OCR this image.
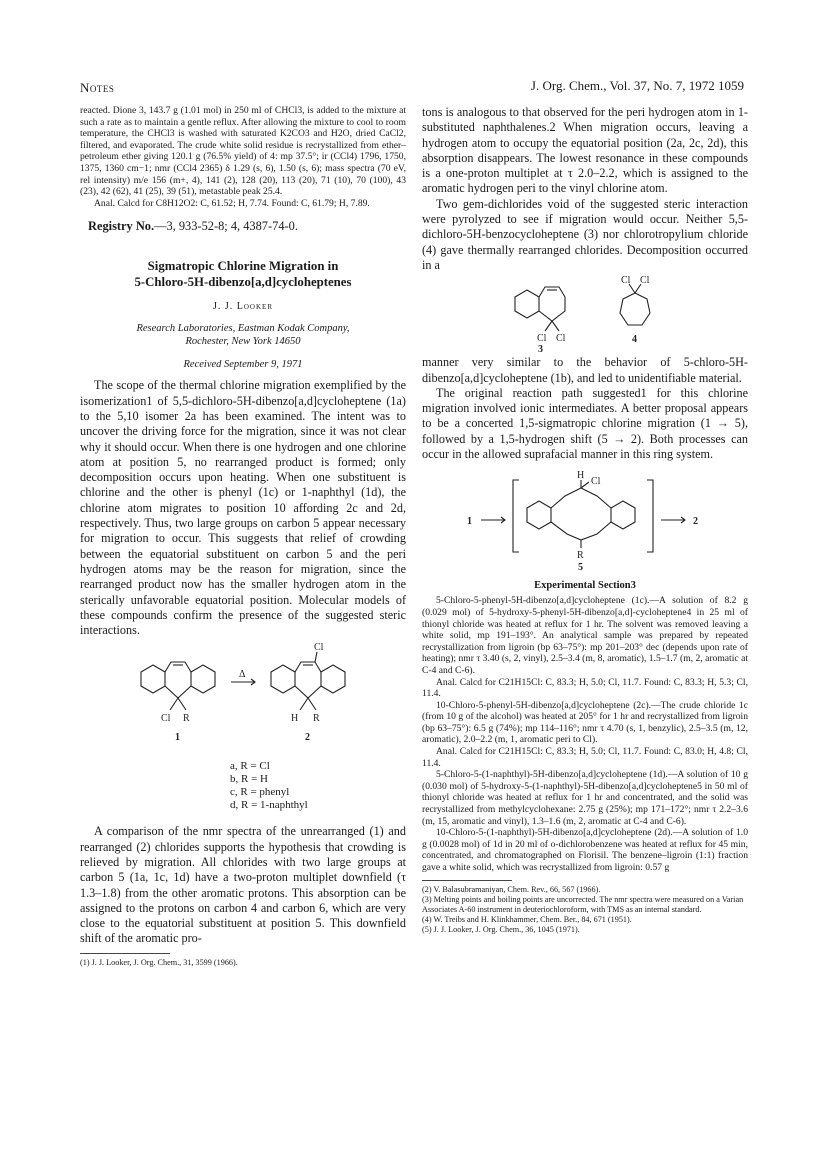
Notes	J. Org. Chem., Vol. 37, No. 7, 1972 1059

reacted. Dione 3, 143.7 g (1.01 mol) in 250 ml of CHCl3, is added to the mixture at such a rate as to maintain a gentle reflux. After allowing the mixture to cool to room temperature, the CHCl3 is washed with saturated K2CO3 and H2O, dried CaCl2, filtered, and evaporated. The crude white solid residue is recrystallized from ether–petroleum ether giving 120.1 g (76.5% yield) of 4: mp 37.5°; ir (CCl4) 1796, 1750, 1375, 1360 cm−1; nmr (CCl4 2365) δ 1.29 (s, 6), 1.50 (s, 6); mass spectra (70 eV, rel intensity) m/e 156 (m+, 4), 141 (2), 128 (20), 113 (20), 71 (10), 70 (100), 43 (23), 42 (62), 41 (25), 39 (51), metastable peak 25.4.

Anal. Calcd for C8H12O2: C, 61.52; H, 7.74. Found: C, 61.79; H, 7.89.

Registry No.—3, 933-52-8; 4, 4387-74-0.

Sigmatropic Chlorine Migration in
5-Chloro-5H-dibenzo[a,d]cycloheptenes
J. J. Looker
Research Laboratories, Eastman Kodak Company,
Rochester, New York 14650
Received September 9, 1971

The scope of the thermal chlorine migration exemplified by the isomerization1 of 5,5-dichloro-5H-dibenzo[a,d]cycloheptene (1a) to the 5,10 isomer 2a has been examined. The intent was to uncover the driving force for the migration, since it was not clear why it should occur. When there is one hydrogen and one chlorine atom at position 5, no rearranged product is formed; only decomposition occurs upon heating. When one substituent is chlorine and the other is phenyl (1c) or 1-naphthyl (1d), the chlorine atom migrates to position 10 affording 2c and 2d, respectively. Thus, two large groups on carbon 5 appear necessary for migration to occur. This suggests that relief of crowding between the equatorial substituent on carbon 5 and the peri hydrogen atoms may be the reason for migration, since the rearranged product now has the smaller hydrogen atom in the sterically unfavorable equatorial position. Molecular models of these compounds confirm the presence of the suggested steric interactions.

Δ
Cl R	H R
Cl
1	2
a, R = Cl
b, R = H
c, R = phenyl
d, R = 1-naphthyl

A comparison of the nmr spectra of the unrearranged (1) and rearranged (2) chlorides supports the hypothesis that crowding is relieved by migration. All chlorides with two large groups at carbon 5 (1a, 1c, 1d) have a two-proton multiplet downfield (τ 1.3–1.8) from the other aromatic protons. This absorption can be assigned to the protons on carbon 4 and carbon 6, which are very close to the equatorial substituent at position 5. This downfield shift of the aromatic pro-

(1) J. J. Looker, J. Org. Chem., 31, 3599 (1966).

tons is analogous to that observed for the peri hydrogen atom in 1-substituted naphthalenes.2 When migration occurs, leaving a hydrogen atom to occupy the equatorial position (2a, 2c, 2d), this absorption disappears. The lowest resonance in these compounds is a one-proton multiplet at τ 2.0–2.2, which is assigned to the aromatic hydrogen peri to the vinyl chlorine atom.

Two gem-dichlorides void of the suggested steric interaction were pyrolyzed to see if migration would occur. Neither 5,5-dichloro-5H-benzocycloheptene (3) nor chlorotropylium chloride (4) gave thermally rearranged chlorides. Decomposition occurred in a

Cl Cl
Cl Cl
3
4

manner very similar to the behavior of 5-chloro-5H-dibenzo[a,d]cycloheptene (1b), and led to unidentifiable material.

The original reaction path suggested1 for this chlorine migration involved ionic intermediates. A better proposal appears to be a concerted 1,5-sigmatropic chlorine migration (1 → 5), followed by a 1,5-hydrogen shift (5 → 2). Both processes can occur in the allowed suprafacial manner in this ring system.

1	2
H
Cl
R
5
Experimental Section3

5-Chloro-5-phenyl-5H-dibenzo[a,d]cycloheptene (1c).—A solution of 8.2 g (0.029 mol) of 5-hydroxy-5-phenyl-5H-dibenzo[a,d]-cycloheptene4 in 25 ml of thionyl chloride was heated at reflux for 1 hr. The solvent was removed leaving a white solid, mp 191–193°. An analytical sample was prepared by repeated recrystallization from ligroin (bp 63–75°): mp 201–203° dec (depends upon rate of heating); nmr τ 3.40 (s, 2, vinyl), 2.5–3.4 (m, 8, aromatic), 1.5–1.7 (m, 2, aromatic at C-4 and C-6).

Anal. Calcd for C21H15Cl: C, 83.3; H, 5.0; Cl, 11.7. Found: C, 83.3; H, 5.3; Cl, 11.4.

10-Chloro-5-phenyl-5H-dibenzo[a,d]cycloheptene (2c).—The crude chloride 1c (from 10 g of the alcohol) was heated at 205° for 1 hr and recrystallized from ligroin (bp 63–75°): 6.5 g (74%); mp 114–116°; nmr τ 4.70 (s, 1, benzylic), 2.5–3.5 (m, 12, aromatic), 2.0–2.2 (m, 1, aromatic peri to Cl).

Anal. Calcd for C21H15Cl: C, 83.3; H, 5.0; Cl, 11.7. Found: C, 83.0; H, 4.8; Cl, 11.4.

5-Chloro-5-(1-naphthyl)-5H-dibenzo[a,d]cycloheptene (1d).—A solution of 10 g (0.030 mol) of 5-hydroxy-5-(1-naphthyl)-5H-dibenzo[a,d]cycloheptene5 in 50 ml of thionyl chloride was heated at reflux for 1 hr and concentrated, and the solid was recrystallized from methylcyclohexane: 2.75 g (25%); mp 171–172°; nmr τ 2.2–3.6 (m, 15, aromatic and vinyl), 1.3–1.6 (m, 2, aromatic at C-4 and C-6).

10-Chloro-5-(1-naphthyl)-5H-dibenzo[a,d]cycloheptene (2d).—A solution of 1.0 g (0.0028 mol) of 1d in 20 ml of o-dichlorobenzene was heated at reflux for 45 min, concentrated, and chromatographed on Florisil. The benzene–ligroin (1:1) fraction gave a white solid, which was recrystallized from ligroin: 0.57 g

(2) V. Balasubramaniyan, Chem. Rev., 66, 567 (1966).

(3) Melting points and boiling points are uncorrected. The nmr spectra were measured on a Varian Associates A-60 instrument in deuteriochloroform, with TMS as an internal standard.

(4) W. Treibs and H. Klinkhammer, Chem. Ber., 84, 671 (1951).

(5) J. J. Looker, J. Org. Chem., 36, 1045 (1971).
